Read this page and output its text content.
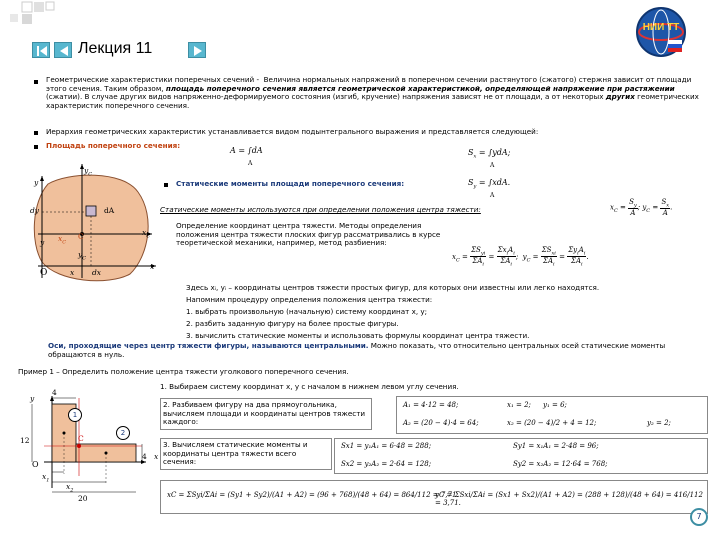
Лекция 11
НИИ ТТ
Геометрические характеристики поперечных сечений -  Величина нормальных напряжений в поперечном сечении растянутого (сжатого) стержня зависит от площади этого сечения. Таким образом, площадь поперечного сечения является геометрической характеристикой, определяющей напряжение при растяжении (сжатии). В случае других видов напряженно-деформируемого состояния (изгиб, кручение) напряжения зависят не от площади, а от некоторых других геометрических характеристик поперечного сечения.
Иерархия геометрических характеристик устанавливается видом подынтегрального выражения и представляется следующей:
Площадь поперечного сечения:
A = ∫dA
A
$S_x = \int ydA$;
A
Статические моменты площади поперечного сечения:	$S_y = \int xdA$.
A
Статические моменты используются при определении положения центра тяжести:	$x_C = \frac{S_y}{A}$ ; $y_C = \frac{S_x}{A}$ .
y
$y_C$
dy	dA
y $x_C$
C
$y_C$
$x_C$
O	x dx
x
Определение координат центра тяжести. Методы определения положения центра тяжести плоских фигур рассматривались в курсе теоретической механики, например, метод разбиения:
$x_C = \frac{\Sigma S_{yi}}{\Sigma A_i} = \frac{\Sigma x_iA_i}{\Sigma A_i}$ ;  $y_C = \frac{\Sigma S_{xi}}{\Sigma A_i} = \frac{\Sigma y_iA_i}{\Sigma A_i}$ .
Здесь xᵢ, yᵢ – координаты центров тяжести простых фигур, для которых они известны или легко находятся.
Напомним процедуру определения положения центра тяжести:
1. выбрать произвольную (начальную) систему координат x, y;
2. разбить заданную фигуру на более простые фигуры.
3. вычислить статические моменты и использовать формулы координат центра тяжести.
Оси, проходящие через центр тяжести фигуры, называются центральными. Можно показать, что относительно центральных осей статические моменты обращаются в нуль.
Пример 1 – Определить положение центра тяжести уголкового поперечного сечения.
1. Выбираем систему координат x, y с началом в нижнем левом углу сечения.
y
4
12
1
2
C
4 x
O
$x_1$
$x_2$
20
2. Разбиваем фигуру на два прямоугольника, вычисляем площади и координаты центров тяжести каждого:
A₁ = 4·12 = 48;	x₁ = 2; y₁ = 6;
A₂ = (20 − 4)·4 = 64;	x₂ = (20 − 4)/2 + 4 = 12;	y₂ = 2;
3. Вычисляем статические моменты и координаты центра тяжести всего сечения:
Sx1 = y₁A₁ = 6·48 = 288;	Sy1 = x₁A₁ = 2·48 = 96;
Sx2 = y₂A₂ = 2·64 = 128;	Sy2 = x₂A₂ = 12·64 = 768;
xC = ΣSyi/ΣAi = (Sy1 + Sy2)/(A1 + A2) = (96 + 768)/(48 + 64) = 864/112 = 7,71.
yC = ΣSxi/ΣAi = (Sx1 + Sx2)/(A1 + A2) = (288 + 128)/(48 + 64) = 416/112 = 3,71.
7
